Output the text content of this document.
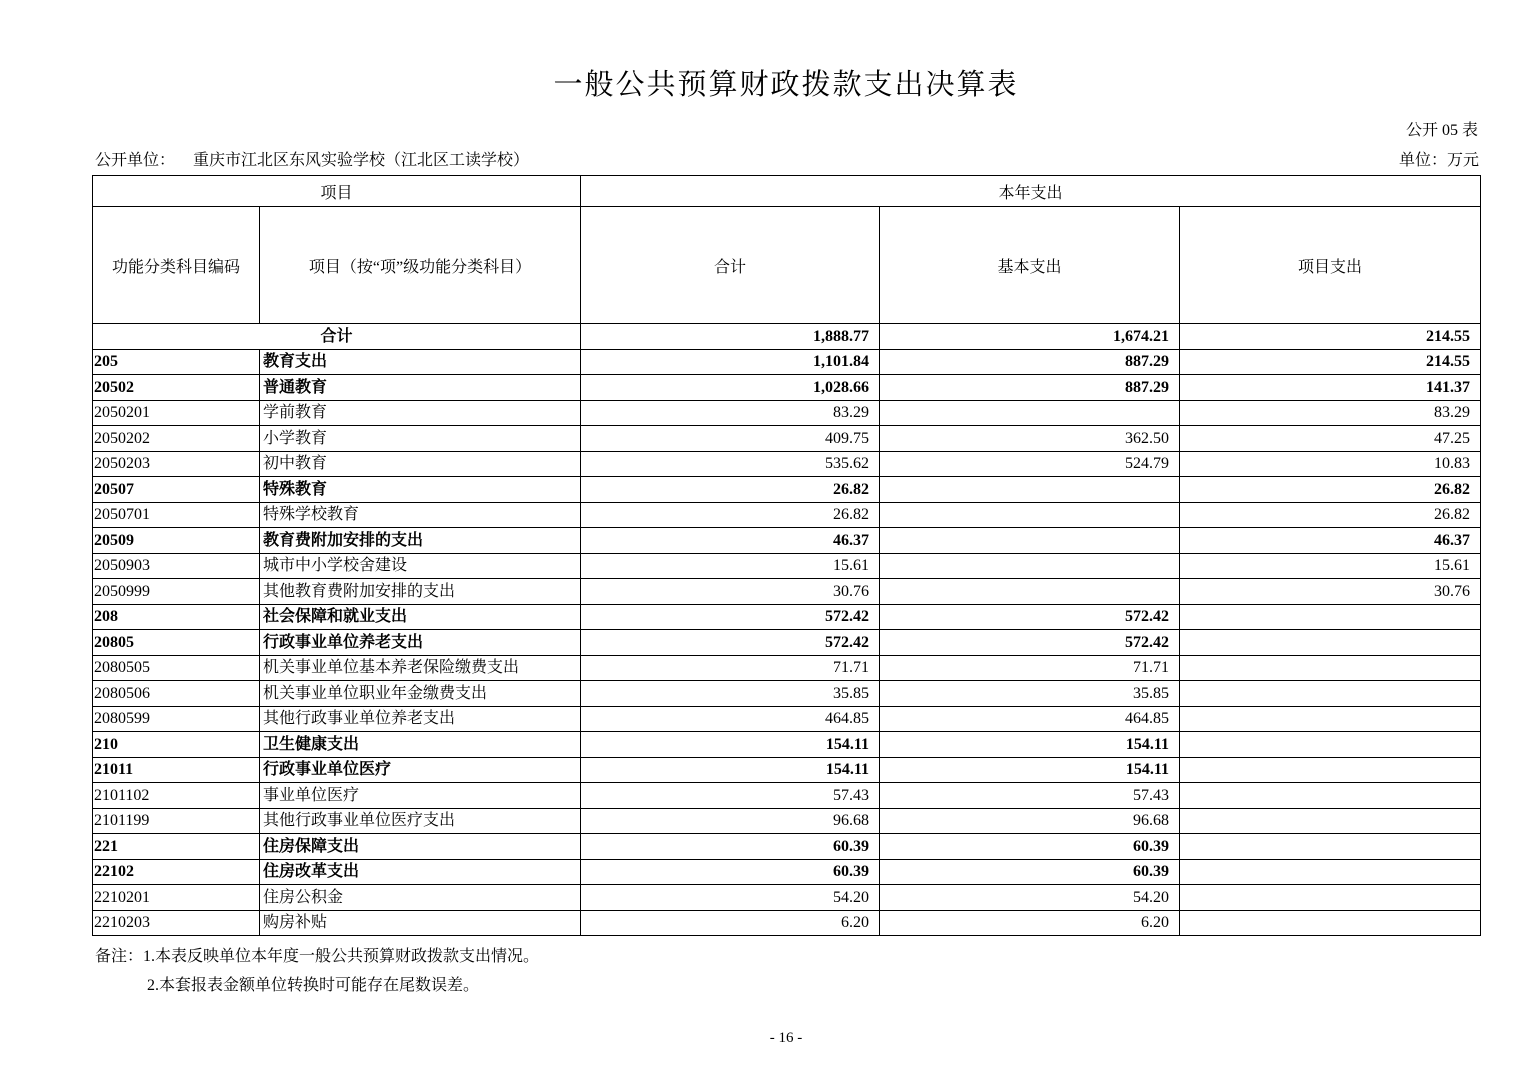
一般公共预算财政拨款支出决算表
公开 05 表
公开单位： 重庆市江北区东风实验学校（江北区工读学校）	单位：万元
项目		本年支出		
功能分类科目编码	项目（按“项”级功能分类科目）	合计	基本支出	项目支出
合计		1,888.77	1,674.21	214.55
205	教育支出	1,101.84	887.29	214.55
20502	普通教育	1,028.66	887.29	141.37
2050201	学前教育	83.29		83.29
2050202	小学教育	409.75	362.50	47.25
2050203	初中教育	535.62	524.79	10.83
20507	特殊教育	26.82		26.82
2050701	特殊学校教育	26.82		26.82
20509	教育费附加安排的支出	46.37		46.37
2050903	城市中小学校舍建设	15.61		15.61
2050999	其他教育费附加安排的支出	30.76		30.76
208	社会保障和就业支出	572.42	572.42	
20805	行政事业单位养老支出	572.42	572.42	
2080505	机关事业单位基本养老保险缴费支出	71.71	71.71	
2080506	机关事业单位职业年金缴费支出	35.85	35.85	
2080599	其他行政事业单位养老支出	464.85	464.85	
210	卫生健康支出	154.11	154.11	
21011	行政事业单位医疗	154.11	154.11	
2101102	事业单位医疗	57.43	57.43	
2101199	其他行政事业单位医疗支出	96.68	96.68	
221	住房保障支出	60.39	60.39	
22102	住房改革支出	60.39	60.39	
2210201	住房公积金	54.20	54.20	
2210203	购房补贴	6.20	6.20	
备注：1.本表反映单位本年度一般公共预算财政拨款支出情况。
2.本套报表金额单位转换时可能存在尾数误差。
- 16 -
